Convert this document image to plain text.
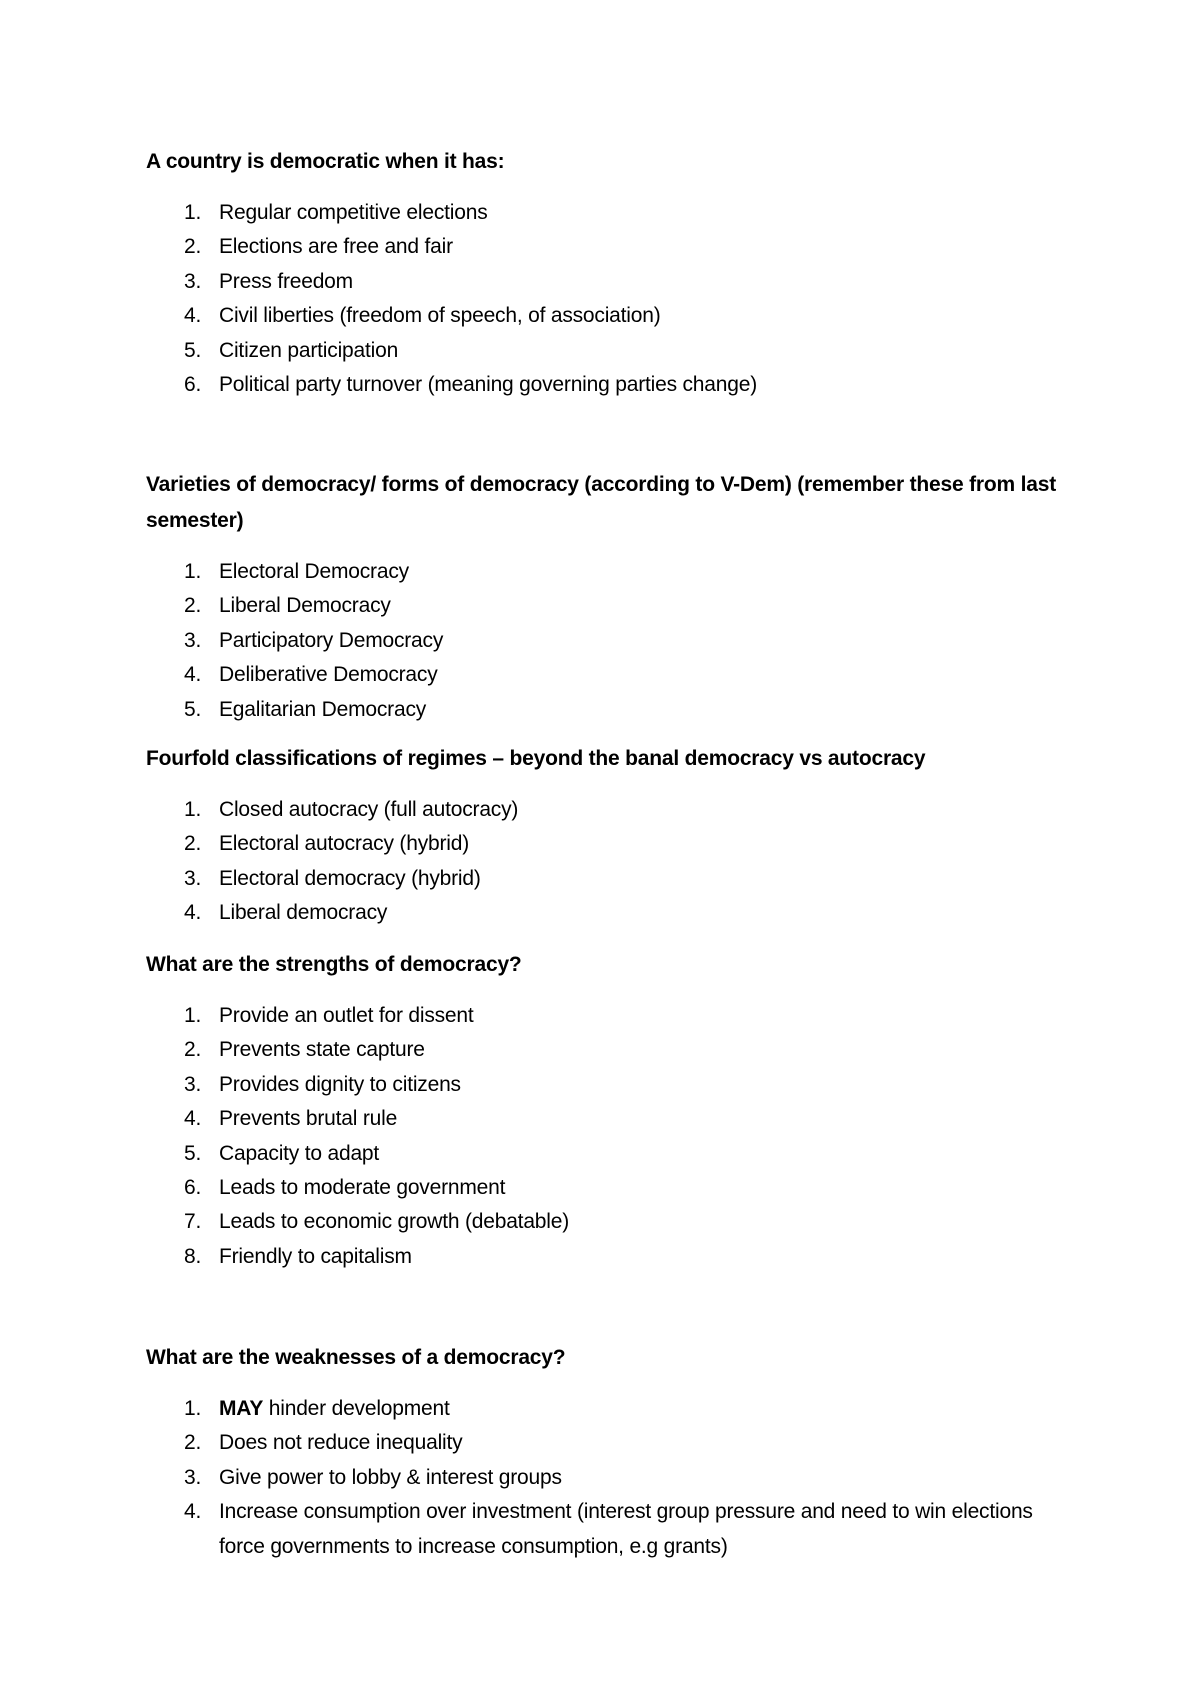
A country is democratic when it has:
1. Regular competitive elections
2. Elections are free and fair
3. Press freedom
4. Civil liberties (freedom of speech, of association)
5. Citizen participation
6. Political party turnover (meaning governing parties change)
Varieties of democracy/ forms of democracy (according to V-Dem) (remember these from last semester)
1. Electoral Democracy
2. Liberal Democracy
3. Participatory Democracy
4. Deliberative Democracy
5. Egalitarian Democracy
Fourfold classifications of regimes – beyond the banal democracy vs autocracy
1. Closed autocracy (full autocracy)
2. Electoral autocracy (hybrid)
3. Electoral democracy (hybrid)
4. Liberal democracy
What are the strengths of democracy?
1. Provide an outlet for dissent
2. Prevents state capture
3. Provides dignity to citizens
4. Prevents brutal rule
5. Capacity to adapt
6. Leads to moderate government
7. Leads to economic growth (debatable)
8. Friendly to capitalism
What are the weaknesses of a democracy?
1. MAY hinder development
2. Does not reduce inequality
3. Give power to lobby & interest groups
4. Increase consumption over investment (interest group pressure and need to win elections force governments to increase consumption, e.g grants)
